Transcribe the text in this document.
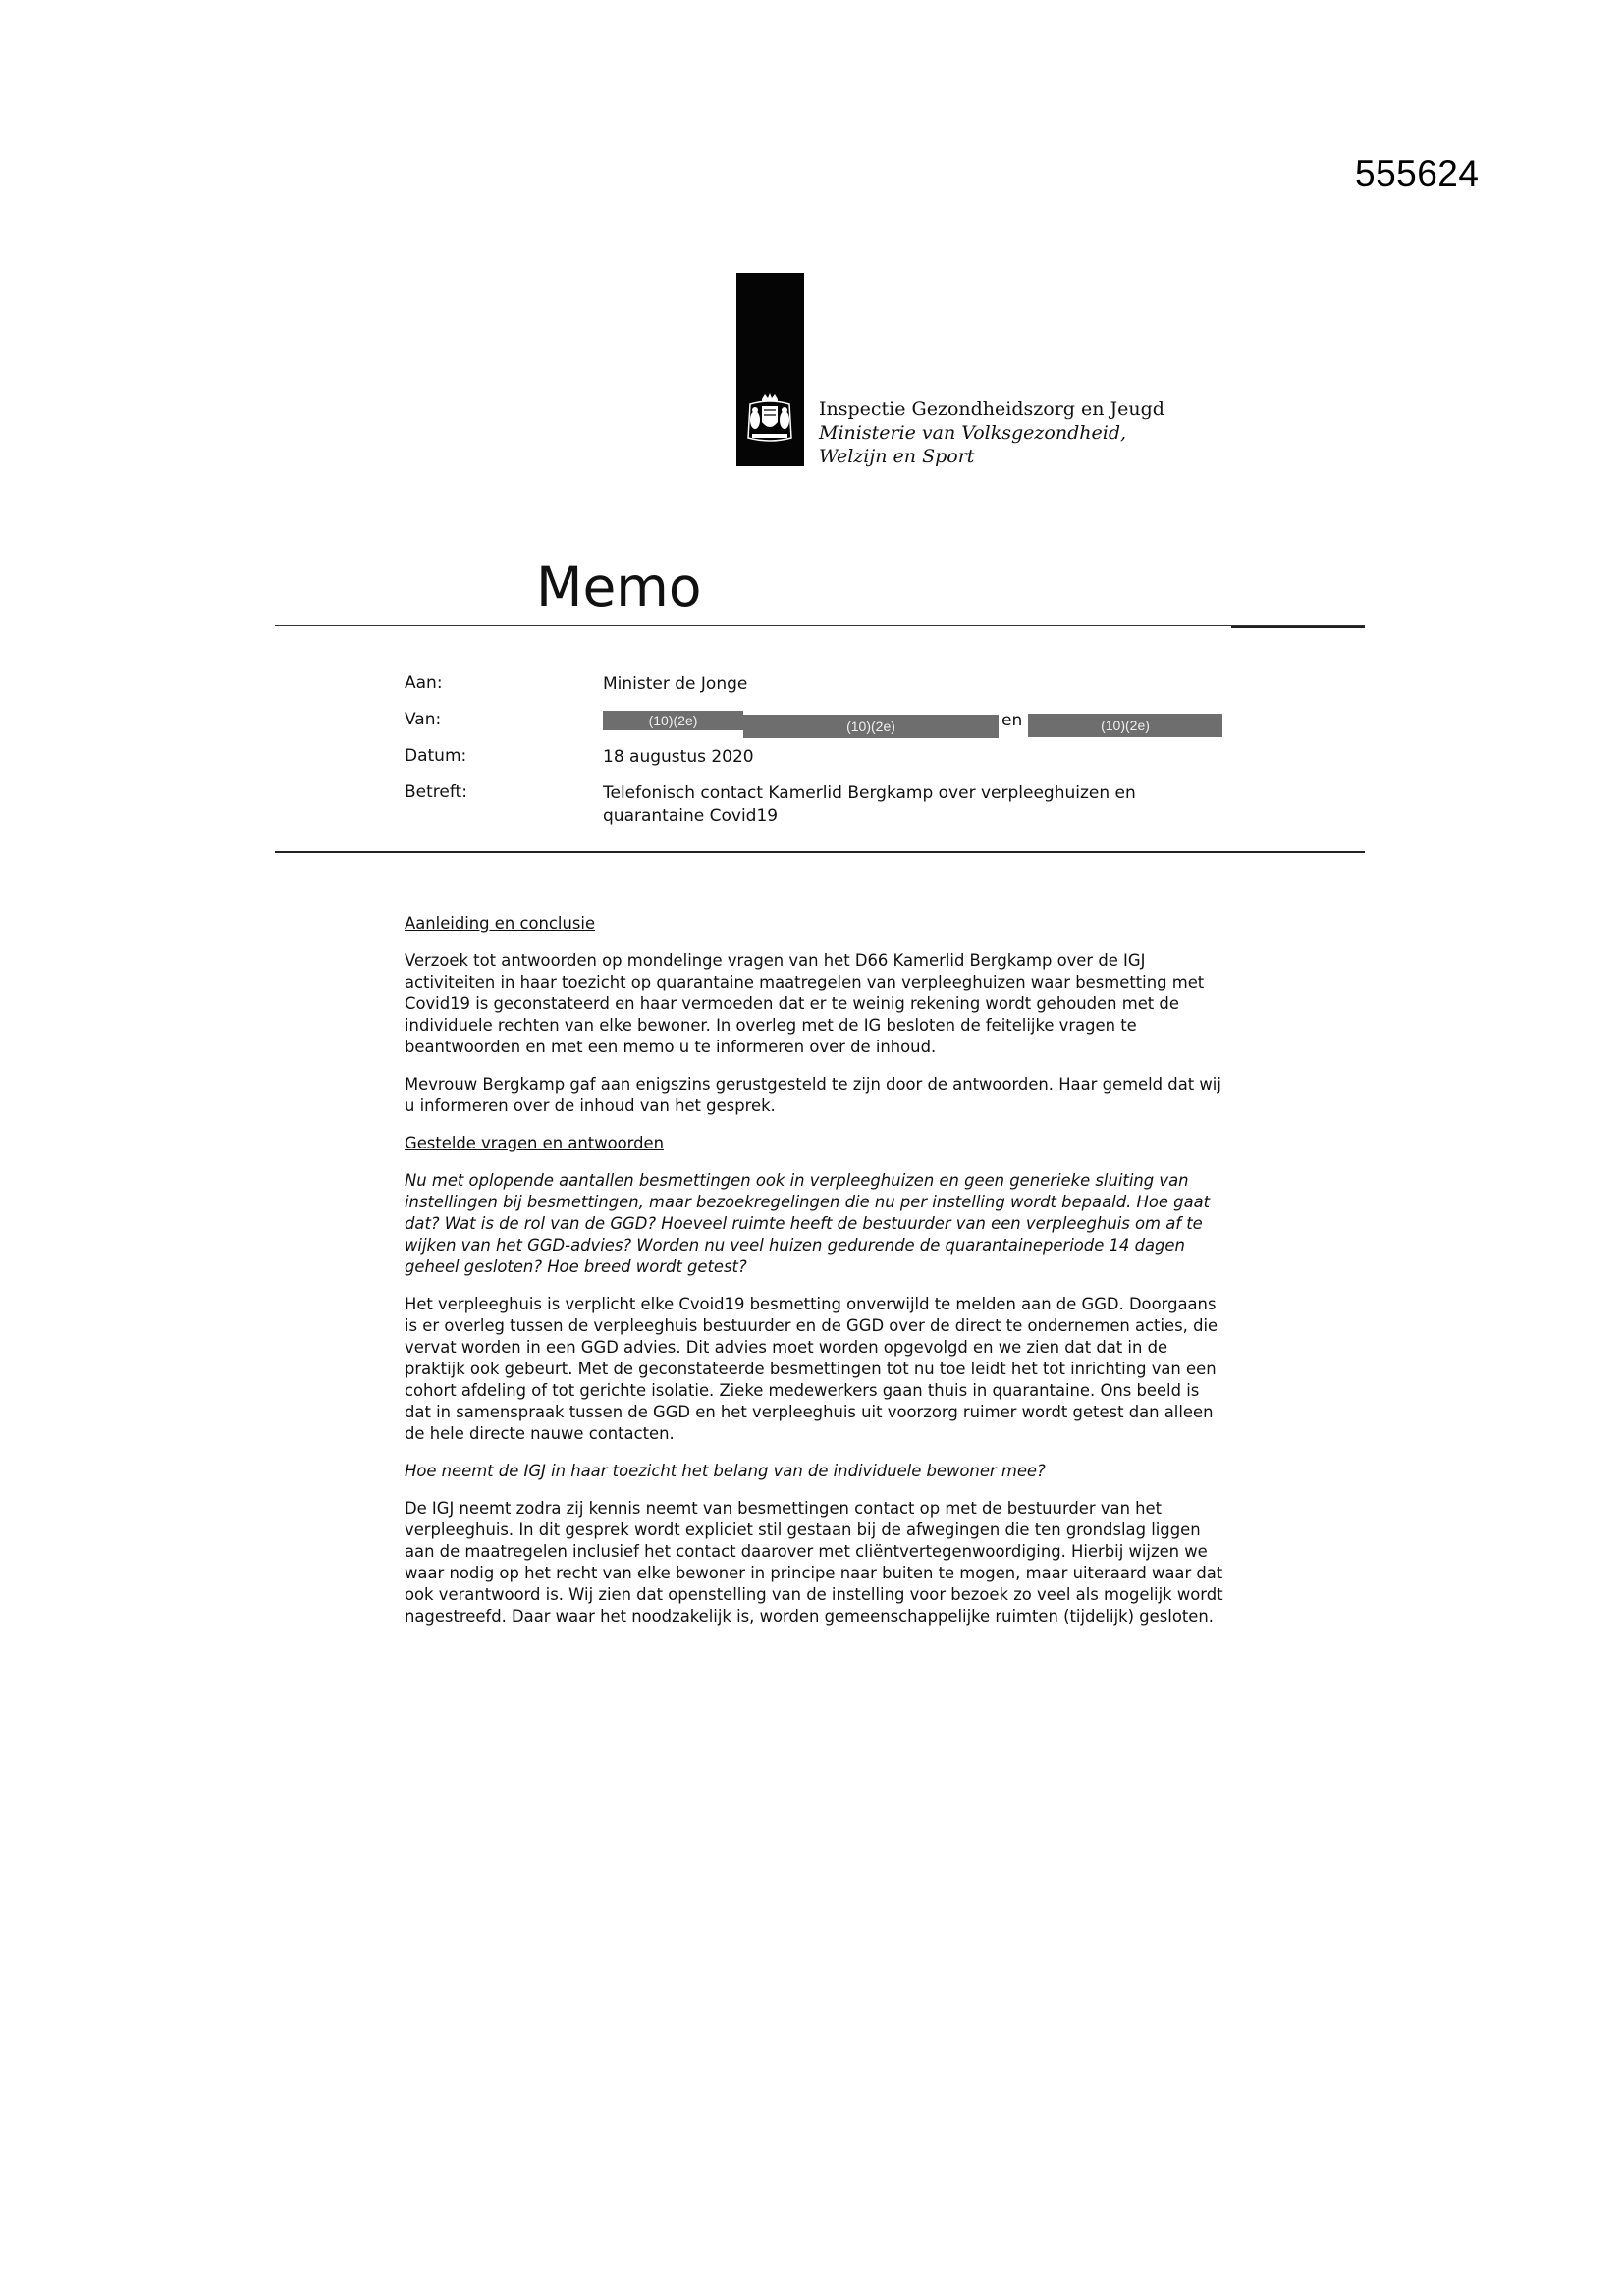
555624
Inspectie Gezondheidszorg en Jeugd
Ministerie van Volksgezondheid,
Welzijn en Sport
Memo
Aan:	Minister de Jonge
Van:	(10)(2e)	(10)(2e)	en	(10)(2e)
Datum:	18 augustus 2020
Betreft:	Telefonisch contact Kamerlid Bergkamp over verpleeghuizen en quarantaine Covid19

Aanleiding en conclusie

Verzoek tot antwoorden op mondelinge vragen van het D66 Kamerlid Bergkamp over de IGJ activiteiten in haar toezicht op quarantaine maatregelen van verpleeghuizen waar besmetting met Covid19 is geconstateerd en haar vermoeden dat er te weinig rekening wordt gehouden met de individuele rechten van elke bewoner. In overleg met de IG besloten de feitelijke vragen te beantwoorden en met een memo u te informeren over de inhoud.

Mevrouw Bergkamp gaf aan enigszins gerustgesteld te zijn door de antwoorden. Haar gemeld dat wij u informeren over de inhoud van het gesprek.

Gestelde vragen en antwoorden

Nu met oplopende aantallen besmettingen ook in verpleeghuizen en geen generieke sluiting van instellingen bij besmettingen, maar bezoekregelingen die nu per instelling wordt bepaald. Hoe gaat dat? Wat is de rol van de GGD? Hoeveel ruimte heeft de bestuurder van een verpleeghuis om af te wijken van het GGD-advies? Worden nu veel huizen gedurende de quarantaineperiode 14 dagen geheel gesloten? Hoe breed wordt getest?

Het verpleeghuis is verplicht elke Cvoid19 besmetting onverwijld te melden aan de GGD. Doorgaans is er overleg tussen de verpleeghuis bestuurder en de GGD over de direct te ondernemen acties, die vervat worden in een GGD advies. Dit advies moet worden opgevolgd en we zien dat dat in de praktijk ook gebeurt. Met de geconstateerde besmettingen tot nu toe leidt het tot inrichting van een cohort afdeling of tot gerichte isolatie. Zieke medewerkers gaan thuis in quarantaine. Ons beeld is dat in samenspraak tussen de GGD en het verpleeghuis uit voorzorg ruimer wordt getest dan alleen de hele directe nauwe contacten.

Hoe neemt de IGJ in haar toezicht het belang van de individuele bewoner mee?

De IGJ neemt zodra zij kennis neemt van besmettingen contact op met de bestuurder van het verpleeghuis. In dit gesprek wordt expliciet stil gestaan bij de afwegingen die ten grondslag liggen aan de maatregelen inclusief het contact daarover met cliëntvertegenwoordiging. Hierbij wijzen we waar nodig op het recht van elke bewoner in principe naar buiten te mogen, maar uiteraard waar dat ook verantwoord is. Wij zien dat openstelling van de instelling voor bezoek zo veel als mogelijk wordt nagestreefd. Daar waar het noodzakelijk is, worden gemeenschappelijke ruimten (tijdelijk) gesloten.
